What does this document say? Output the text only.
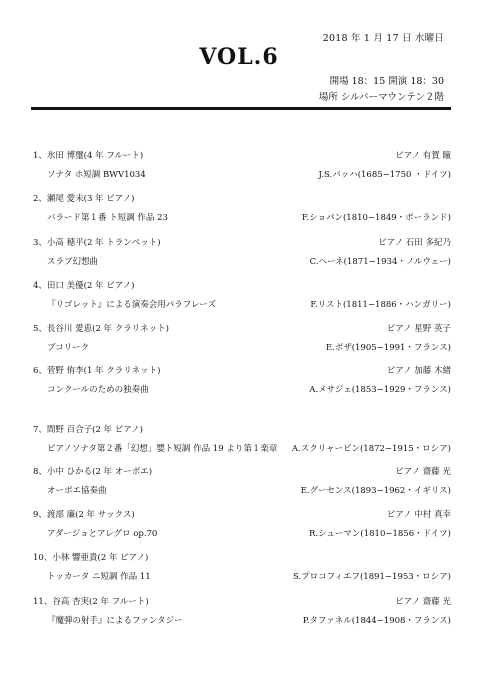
2018 年 1 月 17 日 水曜日
VOL.6
開場 18：15 開演 18：30
場所 シルバーマウンテン２階
1、氷田 博璽(4 年 フルート)	ピアノ 有賀 瞳
ソナタ ホ短調 BWV1034	J.S.バッハ(1685−1750 ・ドイツ)
2、瀬尾 愛未(3 年 ピアノ)
バラード第１番 ト短調 作品 23	F.ショパン(1810−1849・ポーランド)
3、小高 穂平(2 年 トランペット)	ピアノ 石田 多紀乃
スラブ幻想曲	C.ヘーネ(1871−1934・ノルウェー)
4、田口 美優(2 年 ピアノ)
『リゴレット』による演奏会用パラフレーズ	F.リスト(1811−1886・ハンガリー)
5、長谷川 愛恵(2 年 クラリネット)	ピアノ 星野 英子
ブコリーク	E.ボザ(1905−1991・フランス)
6、菅野 侑李(1 年 クラリネット)	ピアノ 加藤 木緒
コンクールのための独奏曲	A.メサジェ(1853−1929・フランス)
7、間野 百合子(2 年 ピアノ)
ピアノソナタ第２番「幻想」嬰ト短調 作品 19 より第１楽章 A.スクリャービン(1872−1915・ロシア)
8、小中 ひかる(2 年 オーボエ)	ピアノ 齋藤 光
オーボエ協奏曲	E.グーセンス(1893−1962・イギリス)
9、渡部 廉(2 年 サックス)	ピアノ 中村 真幸
アダージョとアレグロ op.70	R.シューマン(1810−1856・ドイツ)
10、小林 響亜貴(2 年 ピアノ)
トッカータ ニ短調 作品 11	S.プロコフィエフ(1891−1953・ロシア)
11、谷高 杏実(2 年 フルート)	ピアノ 齋藤 光
『魔弾の射手』によるファンタジー	P.タファネル(1844−1908・フランス)
